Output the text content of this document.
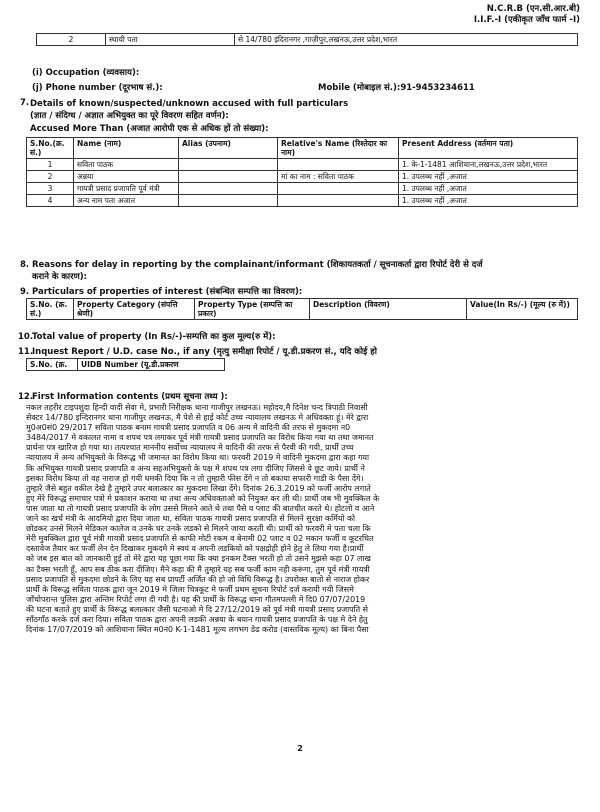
N.C.R.B (एन.सी.आर.बी)
I.I.F.-I (एकीकृत जाँच फार्म -I)
2	स्थायी पता	से 14/780 इंदिरानगर ,गाज़ीपुर,लखनऊ,उत्तर प्रदेश,भारत
(i) Occupation (व्यवसाय):
(j) Phone number (दूरभाष सं.):	Mobile (मोबाइल सं.):91-9453234611
7. Details of known/suspected/unknown accused with full particulars
(ज्ञात / संदिग्ध / अज्ञात अभियुक्त का पूरे विवरण सहित वर्णन):
Accused More Than (अजात आरोपी एक से अधिक हों तो संख्या):
S.No.(क्र. सं.)	Name (नाम)	Alias (उपनाम)	Relative's Name (रिश्तेदार का नाम)	Present Address (वर्तमान पता)
1	सविता पाठक			1. के-1-1481 आशियाना,लखनऊ,उत्तर प्रदेश,भारत
2	अन्नया		मां का नाम : सविता पाठक	1. उपलब्ध नहीं ,अजात
3	गायत्री प्रसाद प्रजापति पूर्व मंत्री			1. उपलब्ध नहीं ,अजात
4	अन्य नाम पता अजात			1. उपलब्ध नहीं ,अजात
8. Reasons for delay in reporting by the complainant/informant (शिकायतकर्ता / सूचनाकर्ता द्वारा रिपोर्ट देरी से दर्ज
कराने के कारण):
9. Particulars of properties of interest (संबन्धित सम्पत्ति का विवरण):
S.No. (क्र. सं.)	Property Category (संपत्ति श्रेणी)	Property Type (सम्पत्ति का प्रकार)	Description (विवरण)	Value(In Rs/-) (मूल्य (रु में))
10.
Total value of property (In Rs/-)-सम्पत्ति का कुल मूल्य(रु में):
11.
Inquest Report / U.D. case No., if any (मृत्यु समीक्षा रिपोर्ट / यू.डी.प्रकरण सं., यदि कोई हो
S.No. (क्र.	UIDB Number (यू.डी.प्रकरण
12.
First Information contents (प्रथम सूचना तथ्य ):

नकल तहरीर टाइपशुदा हिन्दी वादी सेवा मे, प्रभारी निरीक्षक थाना गाजीपुर लखनऊ। महोदय,मै दिनेश चन्द त्रिपाठी निवासी

सेक्टर 14/780 इन्दिरानगर थाना गाजीपुर लखनऊ, मै पेशे से हाई कोर्ट उच्च न्यायालय लखनऊ मे अधिवक्ता हूं। मेरे द्वारा

मु0अ0सं0 29/2017 सविता पाठक बनाम गायत्री प्रसाद प्रजापति व 06 अन्य मे वादिनी की तरफ से मुकदमा न0

3484/2017 मे वकालत नामा व शपथ पत्र लगाकर पूर्व मंत्री गायत्री प्रसाद प्रजापति का विरोध किया गया था तथा जमानत

प्रार्थना पत्र खारिज हो गया था। तत्पश्चात माननीय सर्वोच्च न्यायालय मे वादिनी की तरफ से पैरवी की गयी, प्रार्थी उच्च

न्यायालय मे अन्य अभियुक्तो के विरूद्ध भी जमानत का विरोध किया था। फरवरी 2019 मे वादिनी मुकदमा द्वारा कहा गया

कि अभियुक्त गायत्री प्रसाद प्रजापति व अन्य सहअभियुक्तो के पक्ष मे शपथ पत्र लगा दीजिए जिससे वे छूट जाये। प्रार्थी ने

इसका विरोध किया तो वह नाराज हो गयी धमकी दिया कि न तो तुम्हारी फीस देंगे न तो बकाया सफारी गाडी के पैसा देंगे।

तुम्हारे जैसे बहुत वकील देखे है तुम्हारे उपर बलात्कार का मुकदमा लिखा देंगे। दिनांक 26.3.2019 को फर्जी आरोप लगाते

हुए मेरे विरूद्ध समाचार पत्रो मे प्रकाशन कराया था तथा अन्य अधिवक्ताओ को नियुक्त कर ली थी। प्रार्थी जब भी मुवक्किल के

पास जाता था तो गायत्री प्रसाद प्रजापति के लोग उससे मिलने आते थे तथा पैसे व प्लाट की बातचीत करते थे। होटलो व आने

जाने का खर्च मंत्री के आदमियो द्वारा दिया जाता था, सविता पाठक गायत्री प्रसाद प्रजापति से मिलने सुरक्षा कर्मियो को

छोडकर उनसे मिलने मेडिकल कालेज व उनके घर उनके लडको से मिलने जाया करती थी। प्रार्थी को फरवरी मे पता चला कि

मेरी मुवक्किल द्वारा पूर्व मंत्री गायत्री प्रसाद प्रजापति से काफी मोटी रकम व बेनामी 02 प्लाट व 02 मकान फर्जी व कूटरचित

दस्तावेज तैयार कर फर्जी लेन देन दिखाकर मुकदमे मे स्वयं व अपनी लडकियो को पक्षद्रोही होने हेतु ले लिया गया है।प्रार्थी

को जब इस बात को जानकारी हुई तो मेरे द्वारा यह पूछा गया कि क्या इनकम टैक्स भरती हो तो उसने मुझसे कहा 07 लाख

का टैक्स भरती हूँ, आप सब ठीक करा दीजिए। मैने कहा की मै तुम्हारे यह सब फर्जी काम नही करूंगा, तुम पूर्व मंत्री गायत्री

प्रसाद प्रजापति से मुकदमा छोडने के लिए यह सब प्रापर्टी अर्जित की हो जो विधि विरूद्ध है। उपरोक्त बातो से नाराज होकर

प्रार्थी के विरूद्ध सविता पाठक द्वारा जून 2019 मे जिला चित्रकूट मे फर्जी प्रथम सूचना रिपोर्ट दर्ज करायी गयी जिसमे

जाँचोपरान्त पुलिस द्वारा अन्तिम रिपोर्ट लगा दी गयी है। यह की प्रार्थी के विरूद्ध थाना गौतमपल्ली मे दि0 07/07/2019

की घटना बताते हुए प्रार्थी के विरूद्ध बलात्कार जैसी घटनाओ मे दि 27/12/2019 को पूर्व मंत्री गायत्री प्रसाद प्रजापति से

साँठगाँठ करके दर्ज करा दिया। सविता पाठक द्वारा अपनी लडकी अन्नया के बयान गायत्री प्रसाद प्रजापति के पक्ष मे देने हेतु

दिनांक 17/07/2019 को आशियाना स्थित म0नं0 K-1-1481 मूल्य लगभग डेढ करोड (वास्तविक मूल्य) का बिना पैसा

2
